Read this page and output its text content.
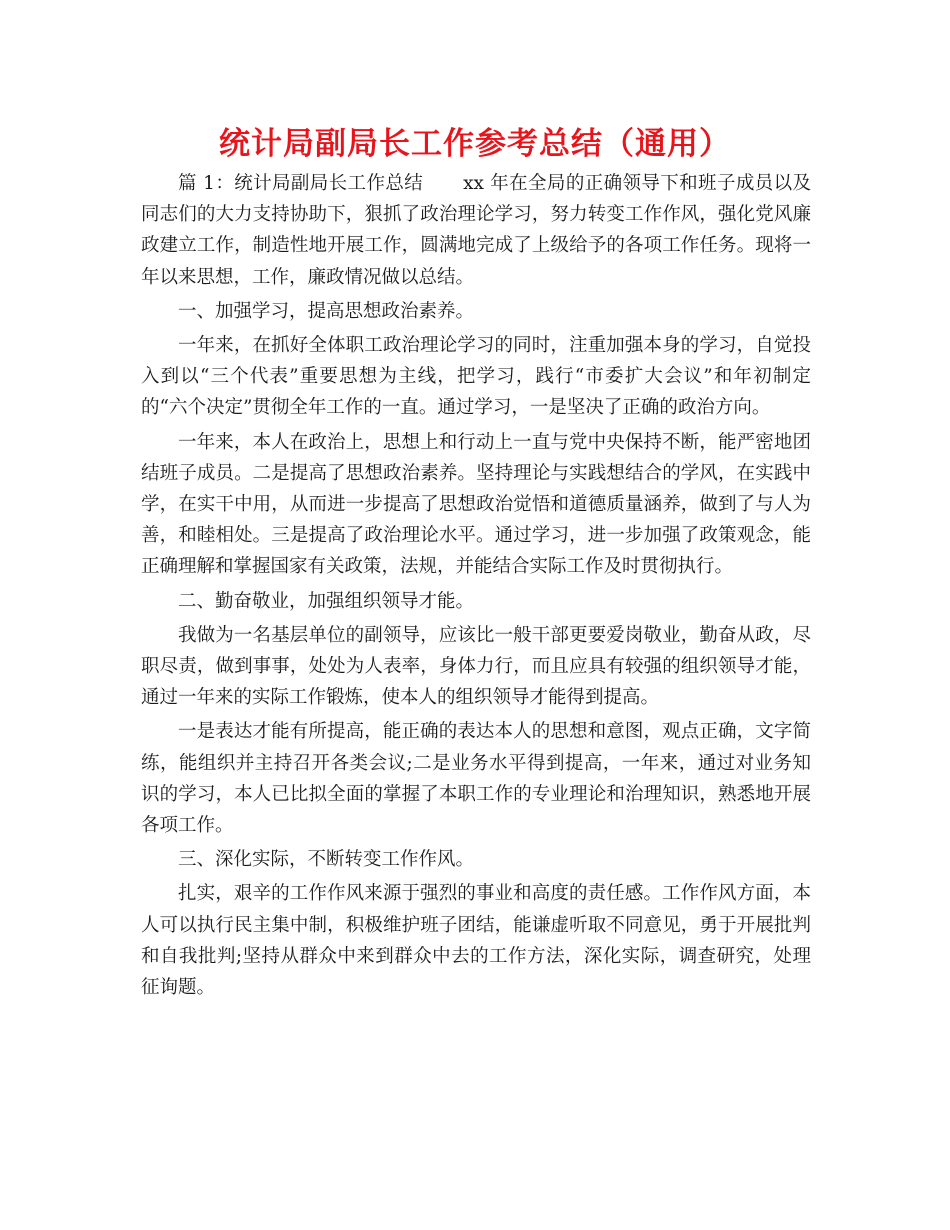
统计局副局长工作参考总结（通用）

篇 1：统计局副局长工作总结 xx 年在全局的正确领导下和班子成员以及同志们的大力支持协助下，狠抓了政治理论学习，努力转变工作作风，强化党风廉政建立工作，制造性地开展工作，圆满地完成了上级给予的各项工作任务。现将一年以来思想，工作，廉政情况做以总结。

一、加强学习，提高思想政治素养。

一年来，在抓好全体职工政治理论学习的同时，注重加强本身的学习，自觉投入到以“三个代表”重要思想为主线，把学习，践行“市委扩大会议”和年初制定的“六个决定”贯彻全年工作的一直。通过学习，一是坚决了正确的政治方向。

一年来，本人在政治上，思想上和行动上一直与党中央保持不断，能严密地团结班子成员。二是提高了思想政治素养。坚持理论与实践想结合的学风，在实践中学，在实干中用，从而进一步提高了思想政治觉悟和道德质量涵养，做到了与人为善，和睦相处。三是提高了政治理论水平。通过学习，进一步加强了政策观念，能正确理解和掌握国家有关政策，法规，并能结合实际工作及时贯彻执行。

二、勤奋敬业，加强组织领导才能。

我做为一名基层单位的副领导，应该比一般干部更要爱岗敬业，勤奋从政，尽职尽责，做到事事，处处为人表率，身体力行，而且应具有较强的组织领导才能，通过一年来的实际工作锻炼，使本人的组织领导才能得到提高。

一是表达才能有所提高，能正确的表达本人的思想和意图，观点正确，文字简练，能组织并主持召开各类会议;二是业务水平得到提高，一年来，通过对业务知识的学习，本人已比拟全面的掌握了本职工作的专业理论和治理知识，熟悉地开展各项工作。

三、深化实际，不断转变工作作风。

扎实，艰辛的工作作风来源于强烈的事业和高度的责任感。工作作风方面，本人可以执行民主集中制，积极维护班子团结，能谦虚听取不同意见，勇于开展批判和自我批判;坚持从群众中来到群众中去的工作方法，深化实际，调查研究，处理征询题。
